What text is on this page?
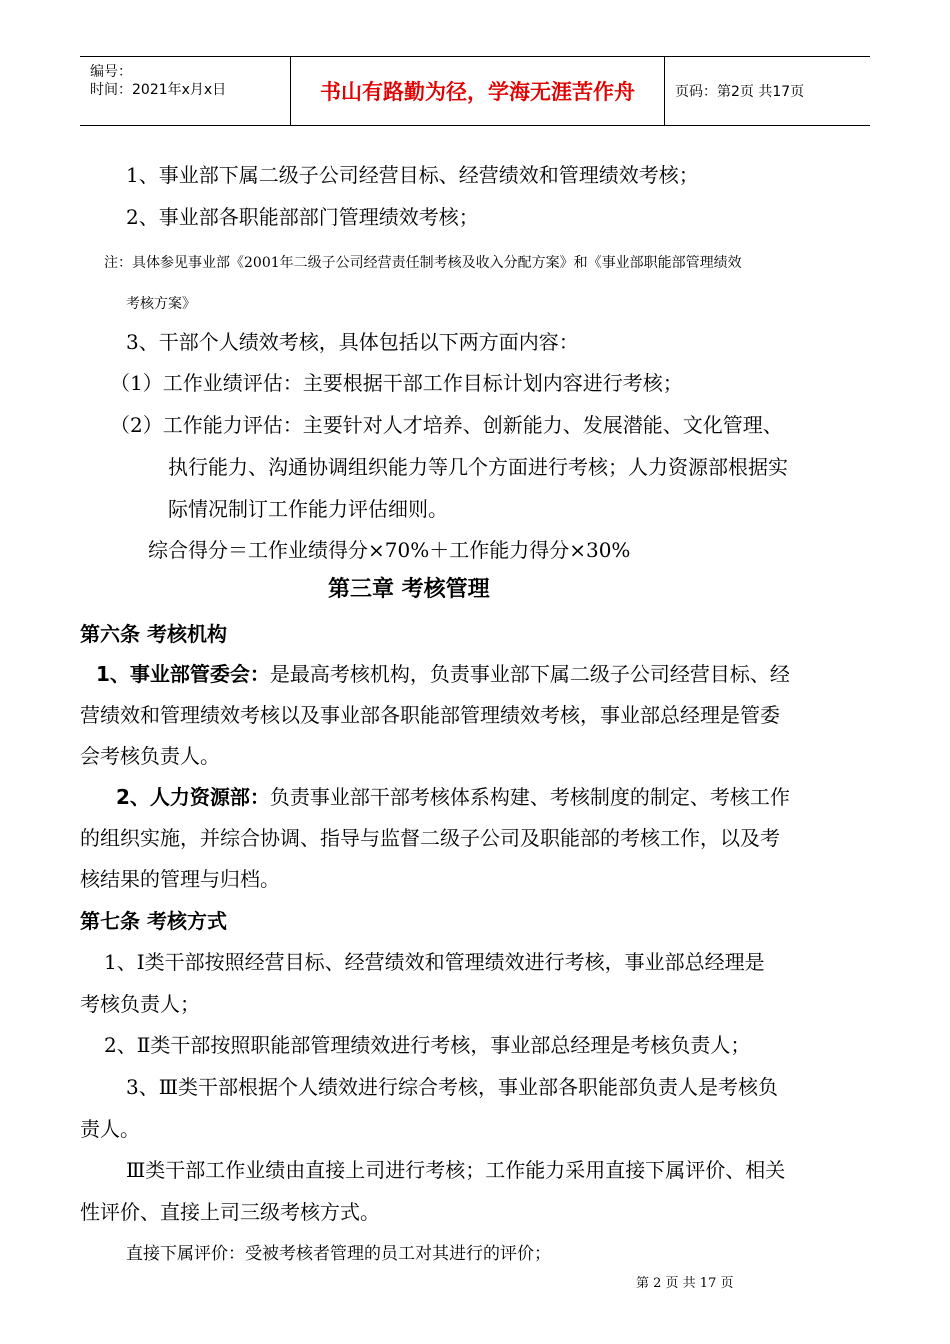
编号：
时间：2021年x月x日	书山有路勤为径，学海无涯苦作舟	页码：第2页 共17页
1、事业部下属二级子公司经营目标、经营绩效和管理绩效考核；
2、事业部各职能部部门管理绩效考核；
注：具体参见事业部《2001年二级子公司经营责任制考核及收入分配方案》和《事业部职能部管理绩效
考核方案》
3、干部个人绩效考核，具体包括以下两方面内容：
（1）工作业绩评估：主要根据干部工作目标计划内容进行考核；
（2）工作能力评估：主要针对人才培养、创新能力、发展潜能、文化管理、
执行能力、沟通协调组织能力等几个方面进行考核；人力资源部根据实
际情况制订工作能力评估细则。
综合得分＝工作业绩得分×70%＋工作能力得分×30%
第三章 考核管理
第六条 考核机构
1、事业部管委会：是最高考核机构，负责事业部下属二级子公司经营目标、经
营绩效和管理绩效考核以及事业部各职能部管理绩效考核，事业部总经理是管委
会考核负责人。
2、人力资源部：负责事业部干部考核体系构建、考核制度的制定、考核工作
的组织实施，并综合协调、指导与监督二级子公司及职能部的考核工作，以及考
核结果的管理与归档。
第七条 考核方式
1、Ⅰ类干部按照经营目标、经营绩效和管理绩效进行考核，事业部总经理是
考核负责人；
2、Ⅱ类干部按照职能部管理绩效进行考核，事业部总经理是考核负责人；
3、Ⅲ类干部根据个人绩效进行综合考核，事业部各职能部负责人是考核负
责人。
Ⅲ类干部工作业绩由直接上司进行考核；工作能力采用直接下属评价、相关
性评价、直接上司三级考核方式。
直接下属评价：受被考核者管理的员工对其进行的评价；
第 2 页 共 17 页
